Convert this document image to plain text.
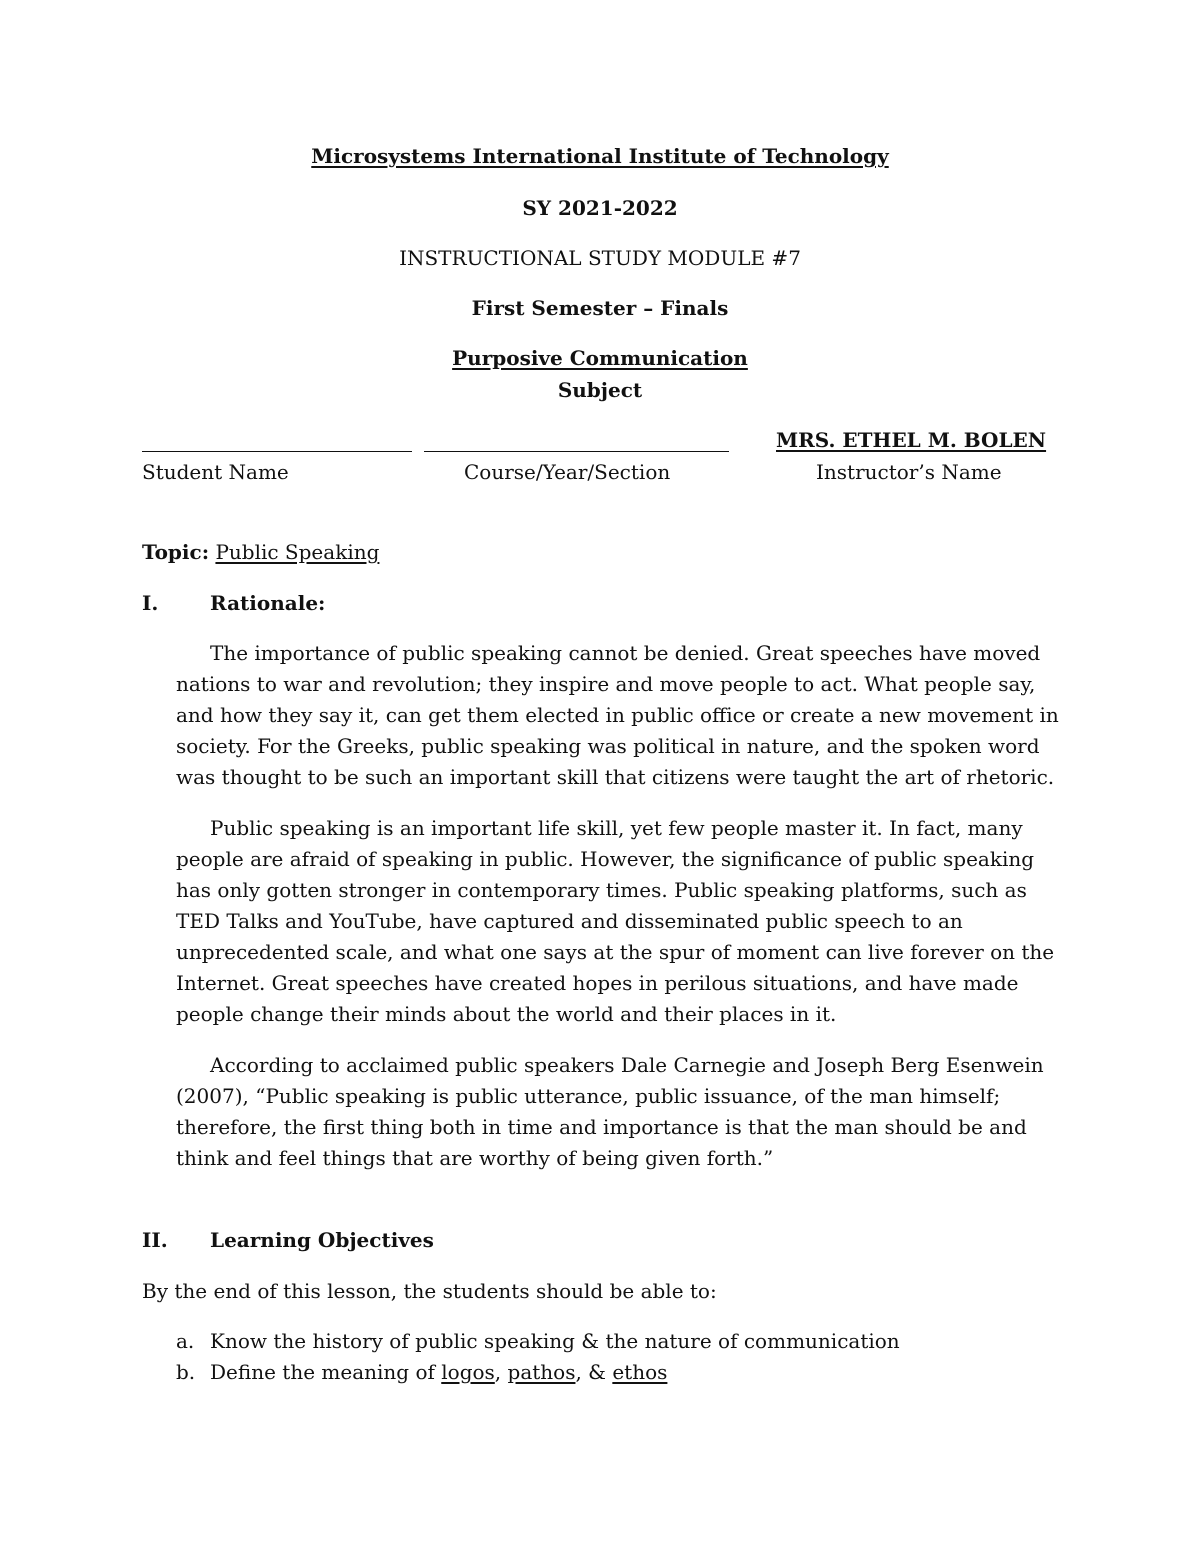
Microsystems International Institute of Technology
SY 2021-2022
INSTRUCTIONAL STUDY MODULE #7
First Semester – Finals
Purposive Communication
Subject
MRS. ETHEL M. BOLEN
Student Name	Course/Year/Section	Instructor’s Name
Topic: Public Speaking
I.	Rationale:

The importance of public speaking cannot be denied. Great speeches have moved nations to war and revolution; they inspire and move people to act. What people say, and how they say it, can get them elected in public office or create a new movement in society. For the Greeks, public speaking was political in nature, and the spoken word was thought to be such an important skill that citizens were taught the art of rhetoric.

Public speaking is an important life skill, yet few people master it. In fact, many people are afraid of speaking in public. However, the significance of public speaking has only gotten stronger in contemporary times. Public speaking platforms, such as TED Talks and YouTube, have captured and disseminated public speech to an unprecedented scale, and what one says at the spur of moment can live forever on the Internet. Great speeches have created hopes in perilous situations, and have made people change their minds about the world and their places in it.

According to acclaimed public speakers Dale Carnegie and Joseph Berg Esenwein (2007), “Public speaking is public utterance, public issuance, of the man himself; therefore, the first thing both in time and importance is that the man should be and think and feel things that are worthy of being given forth.”

II. Learning Objectives
By the end of this lesson, the students should be able to:
a. Know the history of public speaking & the nature of communication
b. Define the meaning of logos, pathos, & ethos
